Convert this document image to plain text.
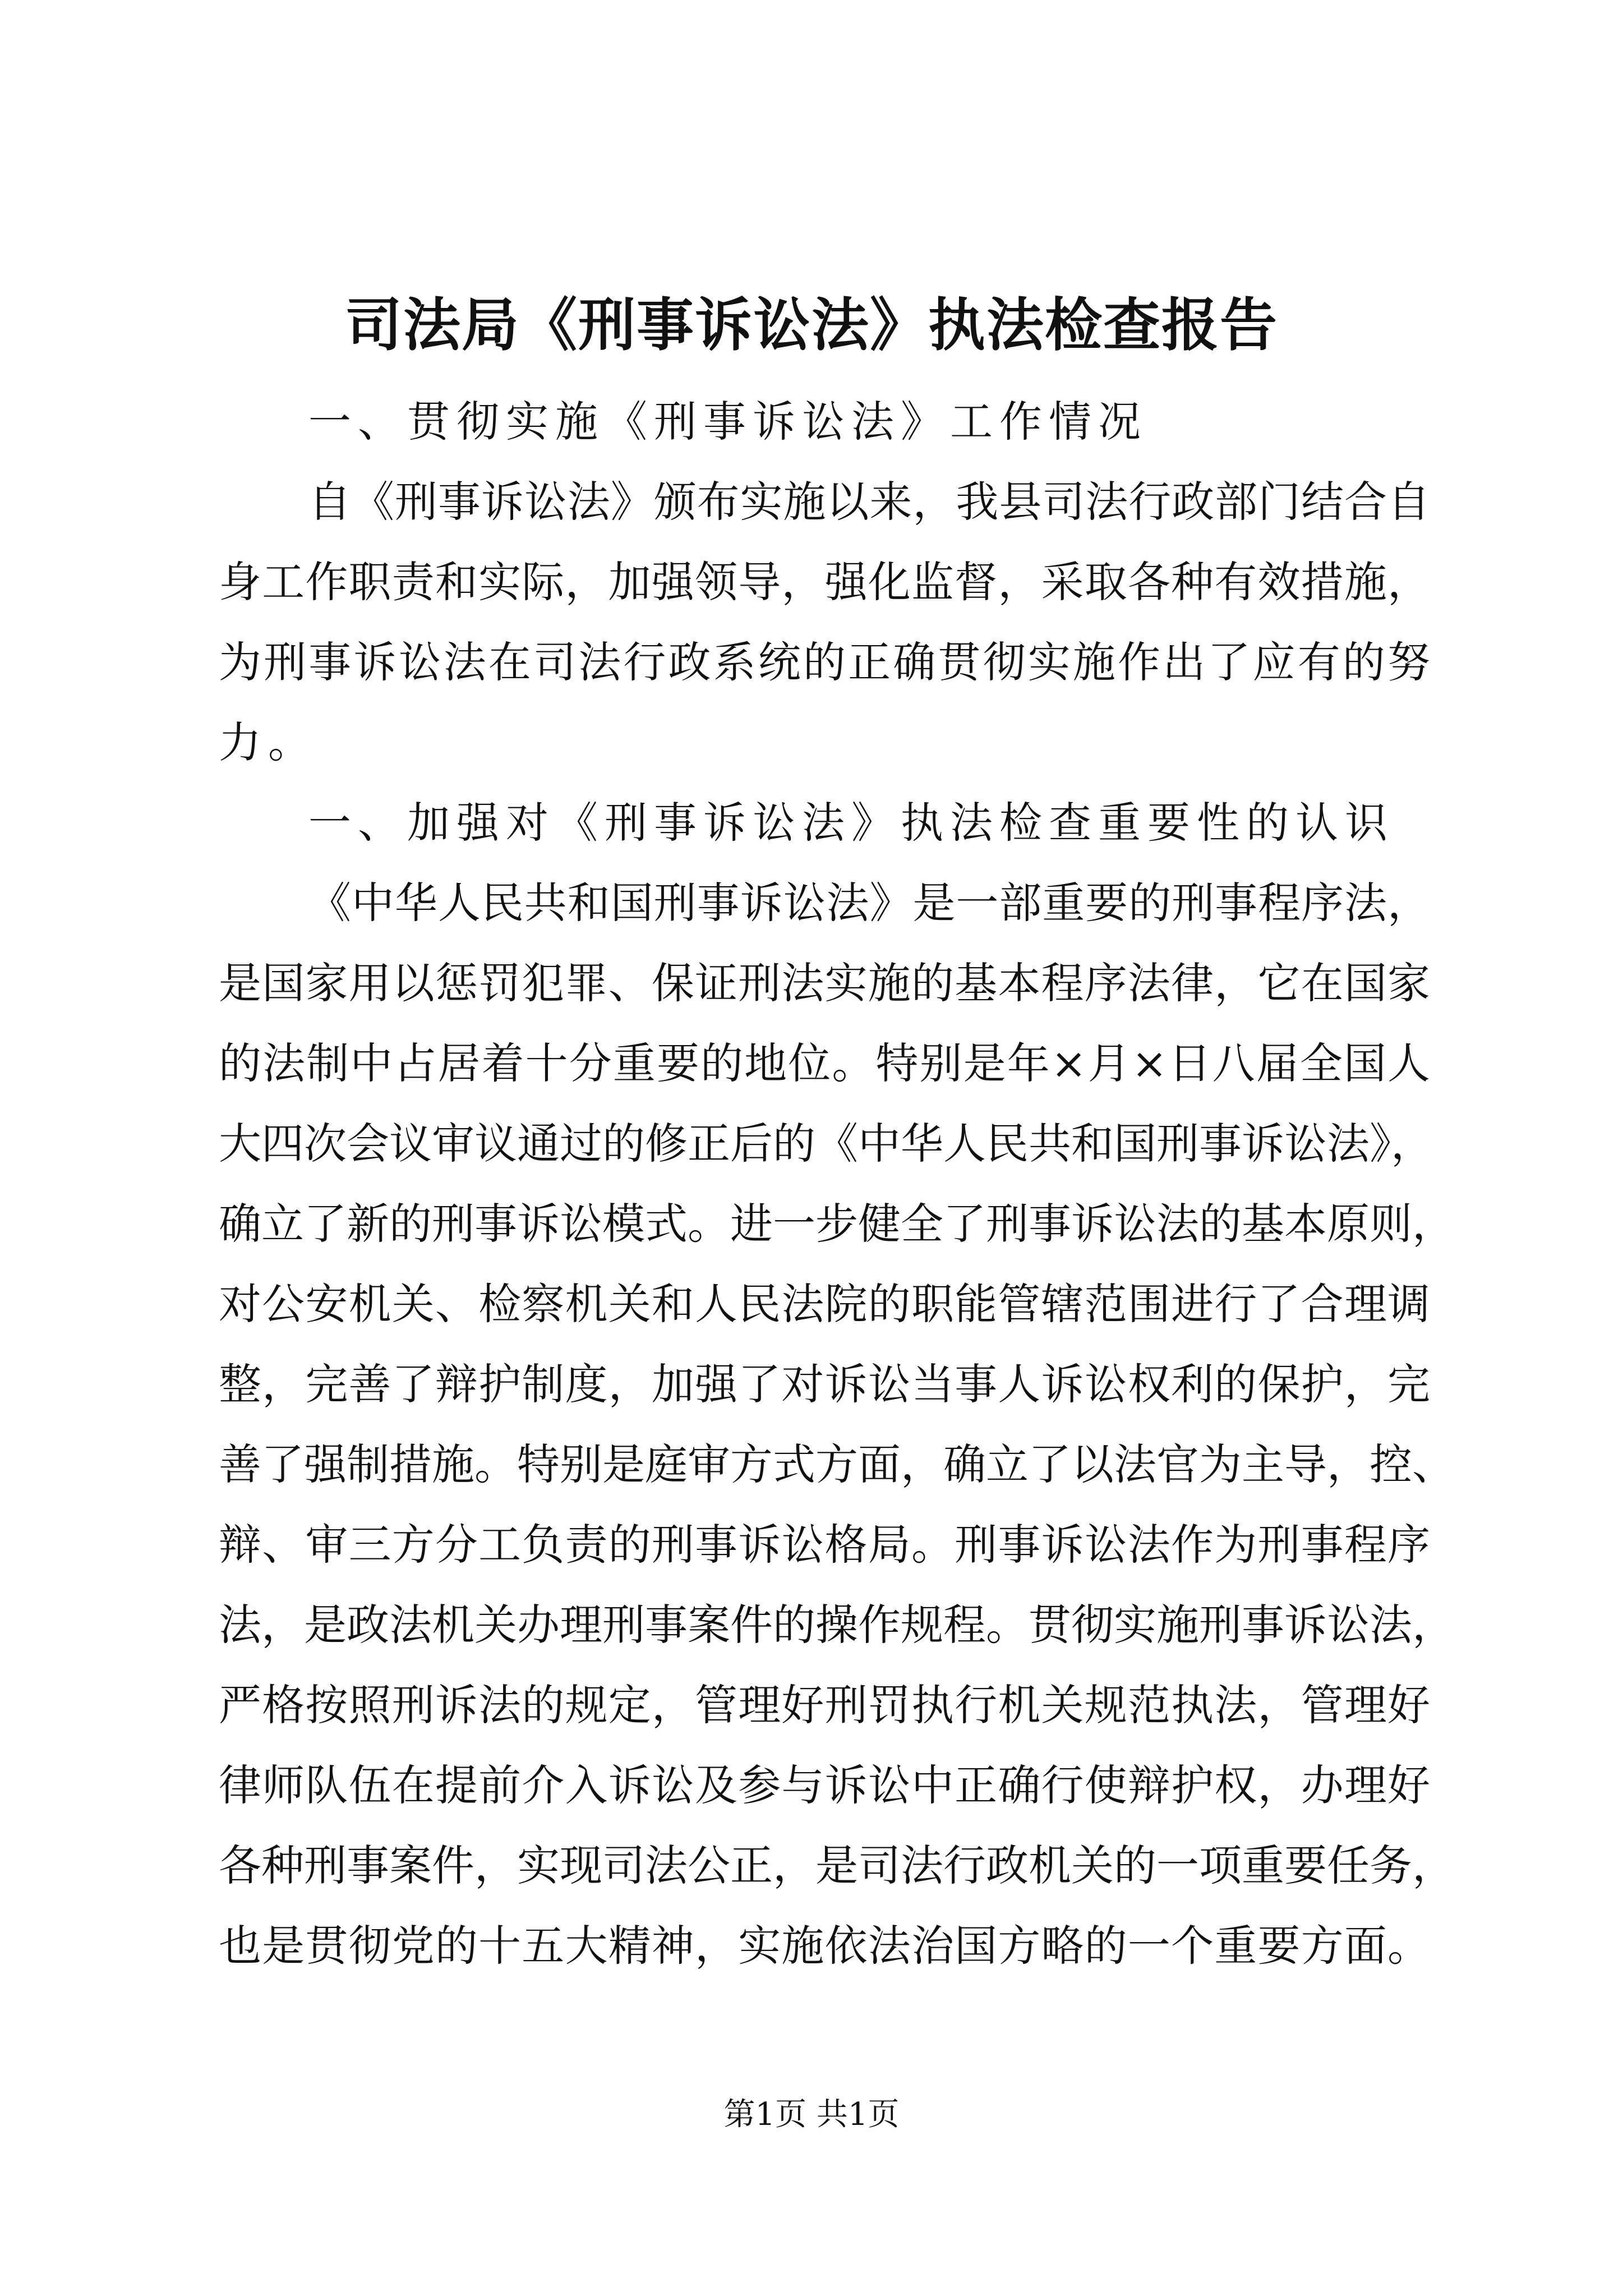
司法局《刑事诉讼法》执法检查报告
一、贯彻实施《刑事诉讼法》工作情况
自《刑事诉讼法》颁布实施以来，我县司法行政部门结合自
身工作职责和实际，加强领导，强化监督，采取各种有效措施，
为刑事诉讼法在司法行政系统的正确贯彻实施作出了应有的努
力。
一、加强对《刑事诉讼法》执法检查重要性的认识
《中华人民共和国刑事诉讼法》是一部重要的刑事程序法，
是国家用以惩罚犯罪、保证刑法实施的基本程序法律，它在国家
的法制中占居着十分重要的地位。特别是年×月×日八届全国人
大四次会议审议通过的修正后的《中华人民共和国刑事诉讼法》，
确立了新的刑事诉讼模式。进一步健全了刑事诉讼法的基本原则，
对公安机关、检察机关和人民法院的职能管辖范围进行了合理调
整，完善了辩护制度，加强了对诉讼当事人诉讼权利的保护，完
善了强制措施。特别是庭审方式方面，确立了以法官为主导，控、
辩、审三方分工负责的刑事诉讼格局。刑事诉讼法作为刑事程序
法，是政法机关办理刑事案件的操作规程。贯彻实施刑事诉讼法，
严格按照刑诉法的规定，管理好刑罚执行机关规范执法，管理好
律师队伍在提前介入诉讼及参与诉讼中正确行使辩护权，办理好
各种刑事案件，实现司法公正，是司法行政机关的一项重要任务，
也是贯彻党的十五大精神，实施依法治国方略的一个重要方面。
第1页 共1页
